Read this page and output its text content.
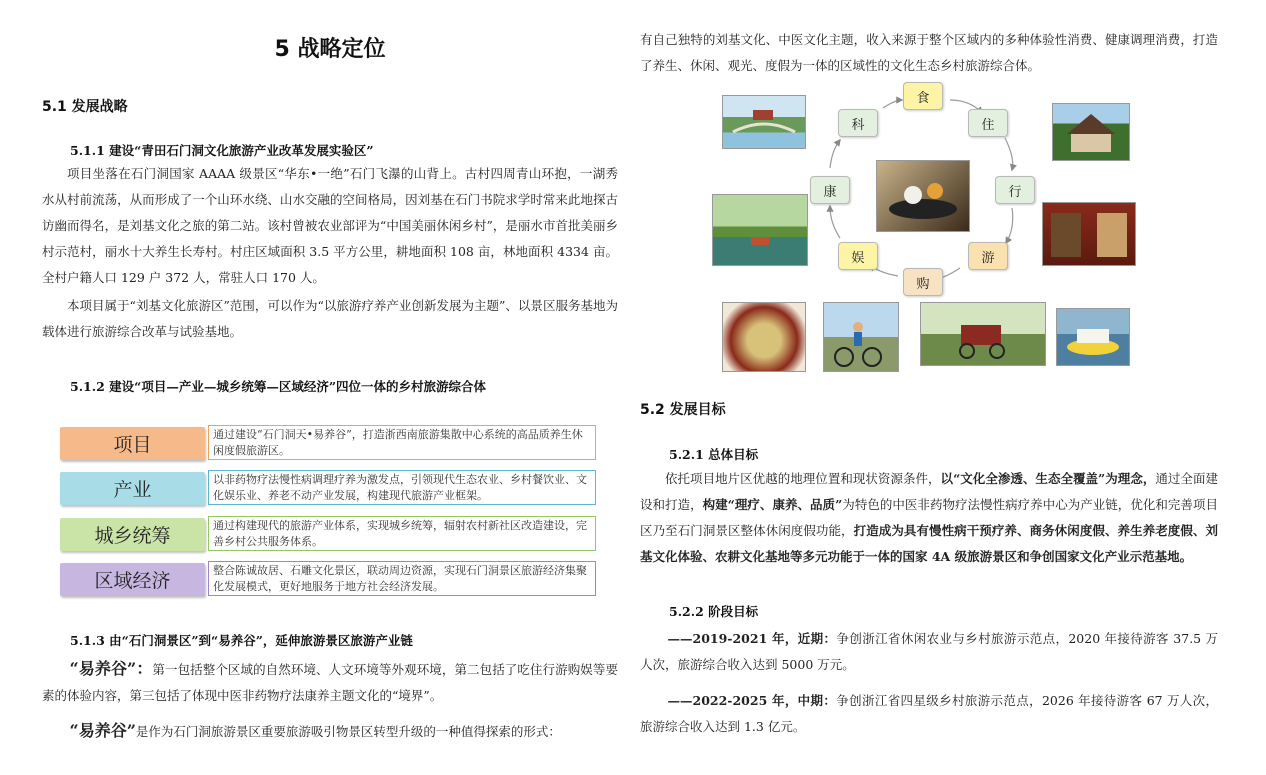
5 战略定位
5.1 发展战略
5.1.1 建设“青田石门洞文化旅游产业改革发展实验区”
项目坐落在石门洞国家 AAAA 级景区“华东•一绝”石门飞瀑的山背上。古村四周青山环抱，一湖秀水从村前流荡，从而形成了一个山环水绕、山水交融的空间格局，因刘基在石门书院求学时常来此地探古访幽而得名，是刘基文化之旅的第二站。该村曾被农业部评为“中国美丽休闲乡村”，是丽水市首批美丽乡村示范村，丽水十大养生长寿村。村庄区域面积 3.5 平方公里，耕地面积 108 亩，林地面积 4334 亩。全村户籍人口 129 户 372 人，常驻人口 170 人。
本项目属于“刘基文化旅游区”范围，可以作为“以旅游疗养产业创新发展为主题”、以景区服务基地为载体进行旅游综合改革与试验基地。
5.1.2 建设“项目—产业—城乡统筹—区域经济”四位一体的乡村旅游综合体
项目	通过建设“石门洞天•易养谷”，打造浙西南旅游集散中心系统的高品质养生休闲度假旅游区。
产业	以非药物疗法慢性病调理疗养为激发点，引领现代生态农业、乡村餐饮业、文化娱乐业、养老不动产业发展，构建现代旅游产业框架。
城乡统筹	通过构建现代的旅游产业体系，实现城乡统筹，辐射农村新社区改造建设，完善乡村公共服务体系。
区域经济	整合陈诚故居、石雕文化景区，联动周边资源，实现石门洞景区旅游经济集聚化发展模式，更好地服务于地方社会经济发展。
5.1.3 由“石门洞景区”到“易养谷”，延伸旅游景区旅游产业链
“易养谷”：第一包括整个区域的自然环境、人文环境等外观环境，第二包括了吃住行游购娱等要素的体验内容，第三包括了体现中医非药物疗法康养主题文化的“境界”。
“易养谷”是作为石门洞旅游景区重要旅游吸引物景区转型升级的一种值得探索的形式：
有自己独特的刘基文化、中医文化主题，收入来源于整个区域内的多种体验性消费、健康调理消费，打造了养生、休闲、观光、度假为一体的区域性的文化生态乡村旅游综合体。
食
住
行
游
购
娱
康
科
5.2 发展目标
5.2.1 总体目标
依托项目地片区优越的地理位置和现状资源条件，以“文化全渗透、生态全覆盖”为理念，通过全面建设和打造，构建“理疗、康养、品质”为特色的中医非药物疗法慢性病疗养中心为产业链，优化和完善项目区乃至石门洞景区整体休闲度假功能，打造成为具有慢性病干预疗养、商务休闲度假、养生养老度假、刘基文化体验、农耕文化基地等多元功能于一体的国家 4A 级旅游景区和争创国家文化产业示范基地。
5.2.2 阶段目标
——2019-2021 年，近期：争创浙江省休闲农业与乡村旅游示范点，2020 年接待游客 37.5 万人次，旅游综合收入达到 5000 万元。
——2022-2025 年，中期：争创浙江省四星级乡村旅游示范点，2026 年接待游客 67 万人次，旅游综合收入达到 1.3 亿元。
